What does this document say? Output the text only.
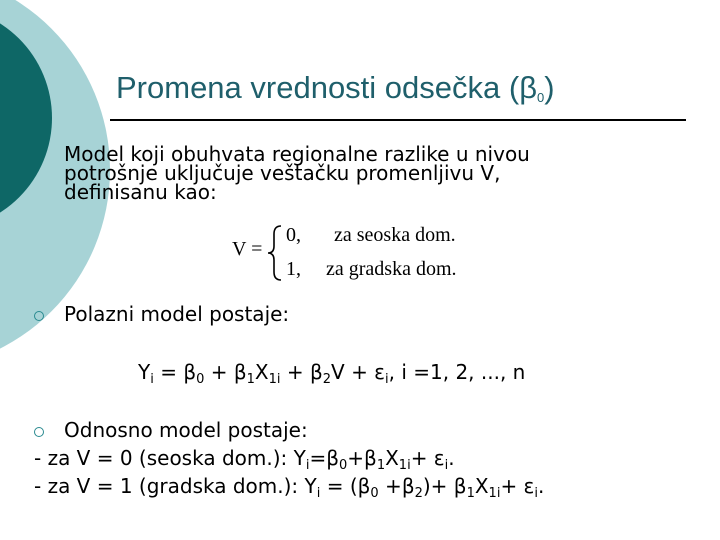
Promena vrednosti odsečka $(\beta_0)$
Model koji obuhvata regionalne razlike u nivou
potrošnje uključuje veštačku promenljivu V,
definisanu kao:
V =
0, za seoska dom.
1, za gradska dom.
Polazni model postaje:
$Y_i = \beta_0 + \beta_1X_{1i} + \beta_2V + \varepsilon_i$, i =1, 2, ..., n
Odnosno model postaje:
- za V = 0 (seoska dom.): $Y_i=\beta_0+\beta_1X_{1i}+ \varepsilon_i$.
- za V = 1 (gradska dom.): $Y_i = (\beta_0 +\beta_2)+ \beta_1X_{1i}+ \varepsilon_i$.
